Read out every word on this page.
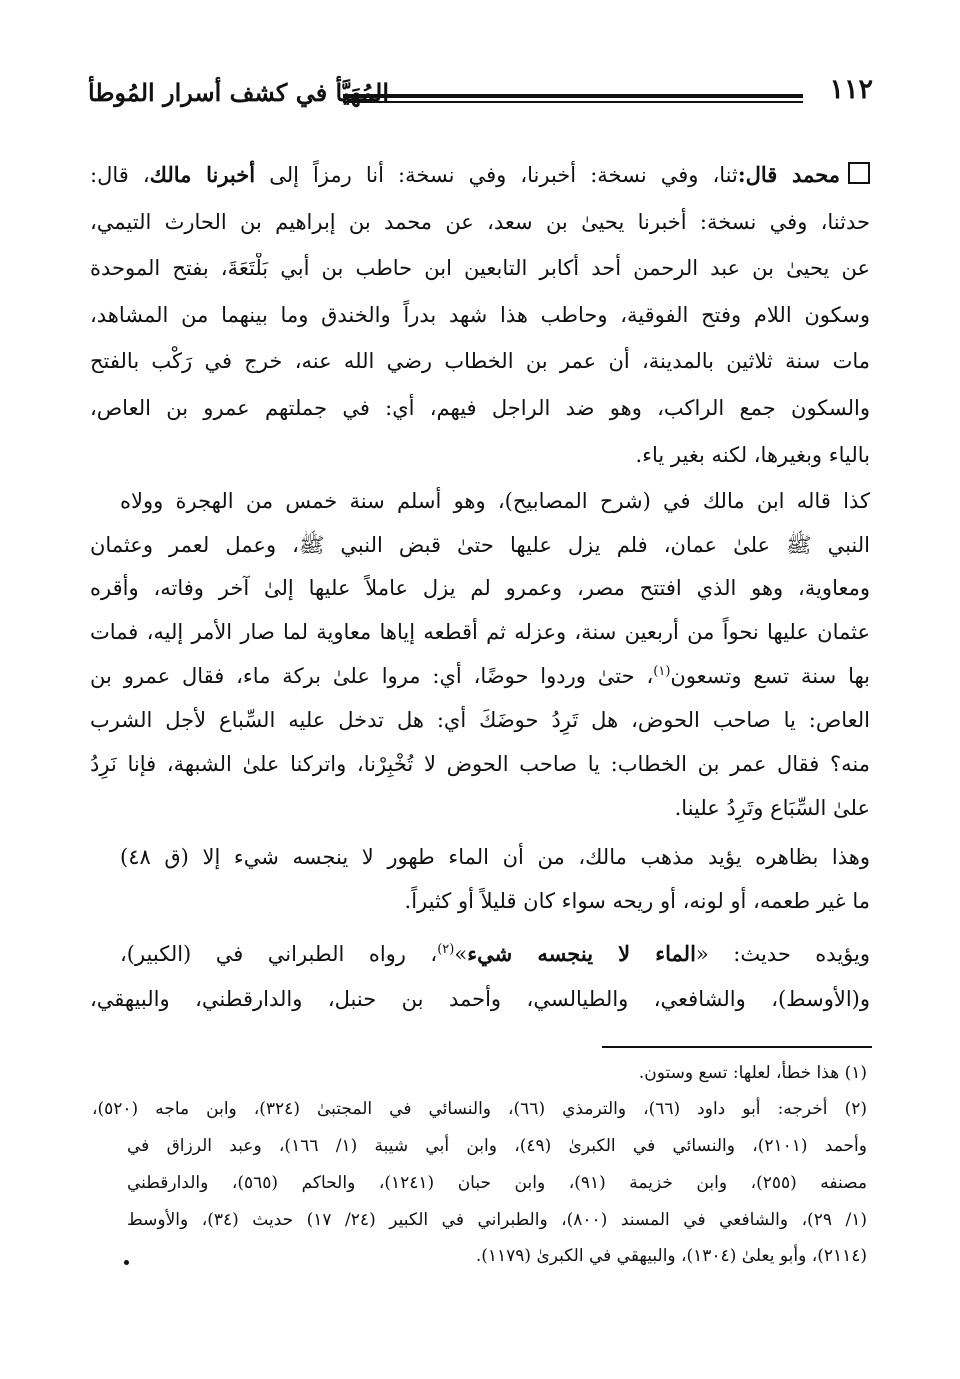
١١٢
المُهَيَّأ في كشف أسرار المُوطأ
محمد قال:ثنا، وفي نسخة: أخبرنا، وفي نسخة: أنا رمزاً إلى أخبرنا مالك، قال:
حدثنا، وفي نسخة: أخبرنا يحيىٰ بن سعد، عن محمد بن إبراهيم بن الحارث التيمي،
عن يحيىٰ بن عبد الرحمن أحد أكابر التابعين ابن حاطب بن أبي بَلْتَعَةَ، بفتح الموحدة
وسكون اللام وفتح الفوقية، وحاطب هذا شهد بدراً والخندق وما بينهما من المشاهد،
مات سنة ثلاثين بالمدينة، أن عمر بن الخطاب رضي الله عنه، خرج في رَكْب بالفتح
والسكون جمع الراكب، وهو ضد الراجل فيهم، أي: في جملتهم عمرو بن العاص،
بالياء وبغيرها، لكنه بغير ياء.
كذا قاله ابن مالك في (شرح المصابيح)، وهو أسلم سنة خمس من الهجرة وولاه
النبي ﷺ علىٰ عمان، فلم يزل عليها حتىٰ قبض النبي ﷺ، وعمل لعمر وعثمان
ومعاوية، وهو الذي افتتح مصر، وعمرو لم يزل عاملاً عليها إلىٰ آخر وفاته، وأقره
عثمان عليها نحواً من أربعين سنة، وعزله ثم أقطعه إياها معاوية لما صار الأمر إليه، فمات
بها سنة تسع وتسعون$^{(١)}$، حتىٰ وردوا حوضًا، أي: مروا علىٰ بركة ماء، فقال عمرو بن
العاص: يا صاحب الحوض، هل تَرِدُ حوضَكَ أي: هل تدخل عليه السِّباع لأجل الشرب
منه؟ فقال عمر بن الخطاب: يا صاحب الحوض لا تُخْبِرْنا، واتركنا علىٰ الشبهة، فإنا نَرِدُ
علىٰ السِّبَاع وتَرِدُ علينا.
وهذا بظاهره يؤيد مذهب مالك، من أن الماء طهور لا ينجسه شيء إلا (ق ٤٨)
ما غير طعمه، أو لونه، أو ريحه سواء كان قليلاً أو كثيراً.
ويؤيده حديث: «الماء لا ينجسه شيء»$^{(٢)}$، رواه الطبراني في (الكبير)،
و(الأوسط)، والشافعي، والطيالسي، وأحمد بن حنبل، والدارقطني، والبيهقي،
(١) هذا خطأ، لعلها: تسع وستون.
(٢) أخرجه: أبو داود (٦٦)، والترمذي (٦٦)، والنسائي في المجتبىٰ (٣٢٤)، وابن ماجه (٥٢٠)،
وأحمد (٢١٠١)، والنسائي في الكبرىٰ (٤٩)، وابن أبي شيبة (١/ ١٦٦)، وعبد الرزاق في
مصنفه (٢٥٥)، وابن خزيمة (٩١)، وابن حبان (١٢٤١)، والحاكم (٥٦٥)، والدارقطني
(١/ ٢٩)، والشافعي في المسند (٨٠٠)، والطبراني في الكبير (٢٤/ ١٧) حديث (٣٤)، والأوسط
(٢١١٤)، وأبو يعلىٰ (١٣٠٤)، والبيهقي في الكبرىٰ (١١٧٩).
